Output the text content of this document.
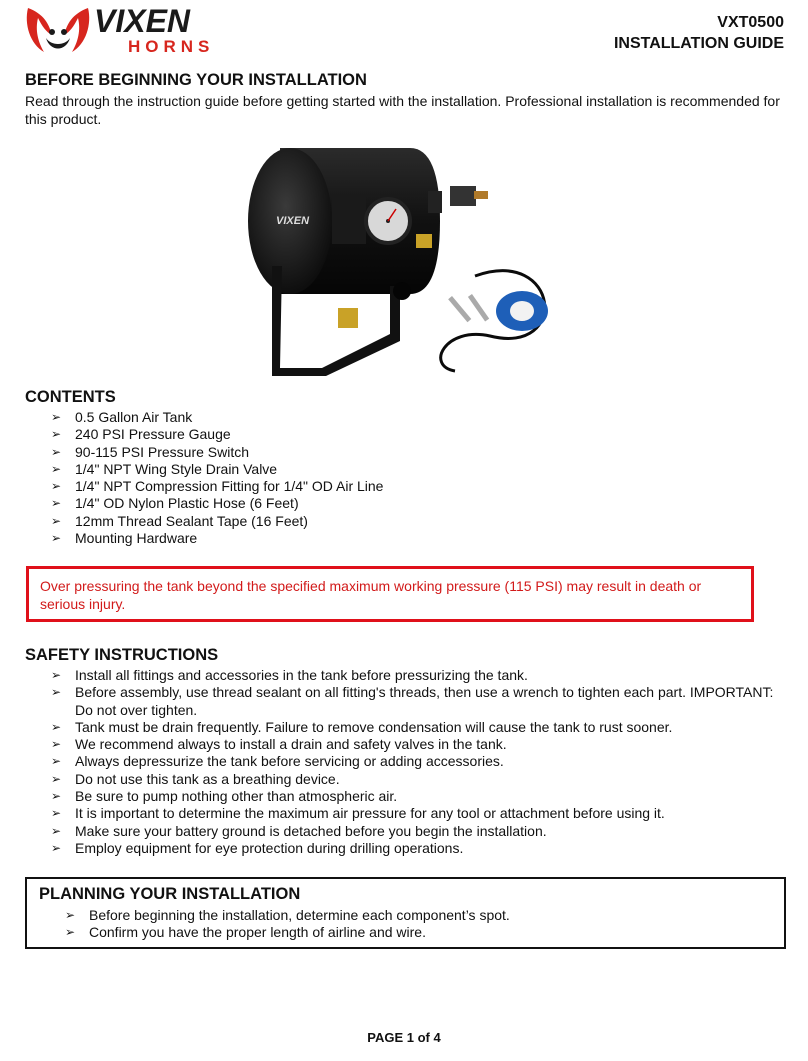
VIXEN
HORNS
VXT0500
INSTALLATION GUIDE
BEFORE BEGINNING YOUR INSTALLATION
Read through the instruction guide before getting started with the installation. Professional installation is recommended for this product.
VIXEN
CONTENTS
➢ 0.5 Gallon Air Tank
➢ 240 PSI Pressure Gauge
➢ 90-115 PSI Pressure Switch
➢ 1/4" NPT Wing Style Drain Valve
➢ 1/4" NPT Compression Fitting for 1/4" OD Air Line
➢ 1/4" OD Nylon Plastic Hose (6 Feet)
➢ 12mm Thread Sealant Tape (16 Feet)
➢ Mounting Hardware
Over pressuring the tank beyond the specified maximum working pressure (115 PSI) may result in death or serious injury.
SAFETY INSTRUCTIONS
➢ Install all fittings and accessories in the tank before pressurizing the tank.
➢ Before assembly, use thread sealant on all fitting's threads, then use a wrench to tighten each part. IMPORTANT: Do not over tighten.
➢ Tank must be drain frequently. Failure to remove condensation will cause the tank to rust sooner.
➢ We recommend always to install a drain and safety valves in the tank.
➢ Always depressurize the tank before servicing or adding accessories.
➢ Do not use this tank as a breathing device.
➢ Be sure to pump nothing other than atmospheric air.
➢ It is important to determine the maximum air pressure for any tool or attachment before using it.
➢ Make sure your battery ground is detached before you begin the installation.
➢ Employ equipment for eye protection during drilling operations.
PLANNING YOUR INSTALLATION
➢ Before beginning the installation, determine each component’s spot.
➢ Confirm you have the proper length of airline and wire.
PAGE 1 of 4
